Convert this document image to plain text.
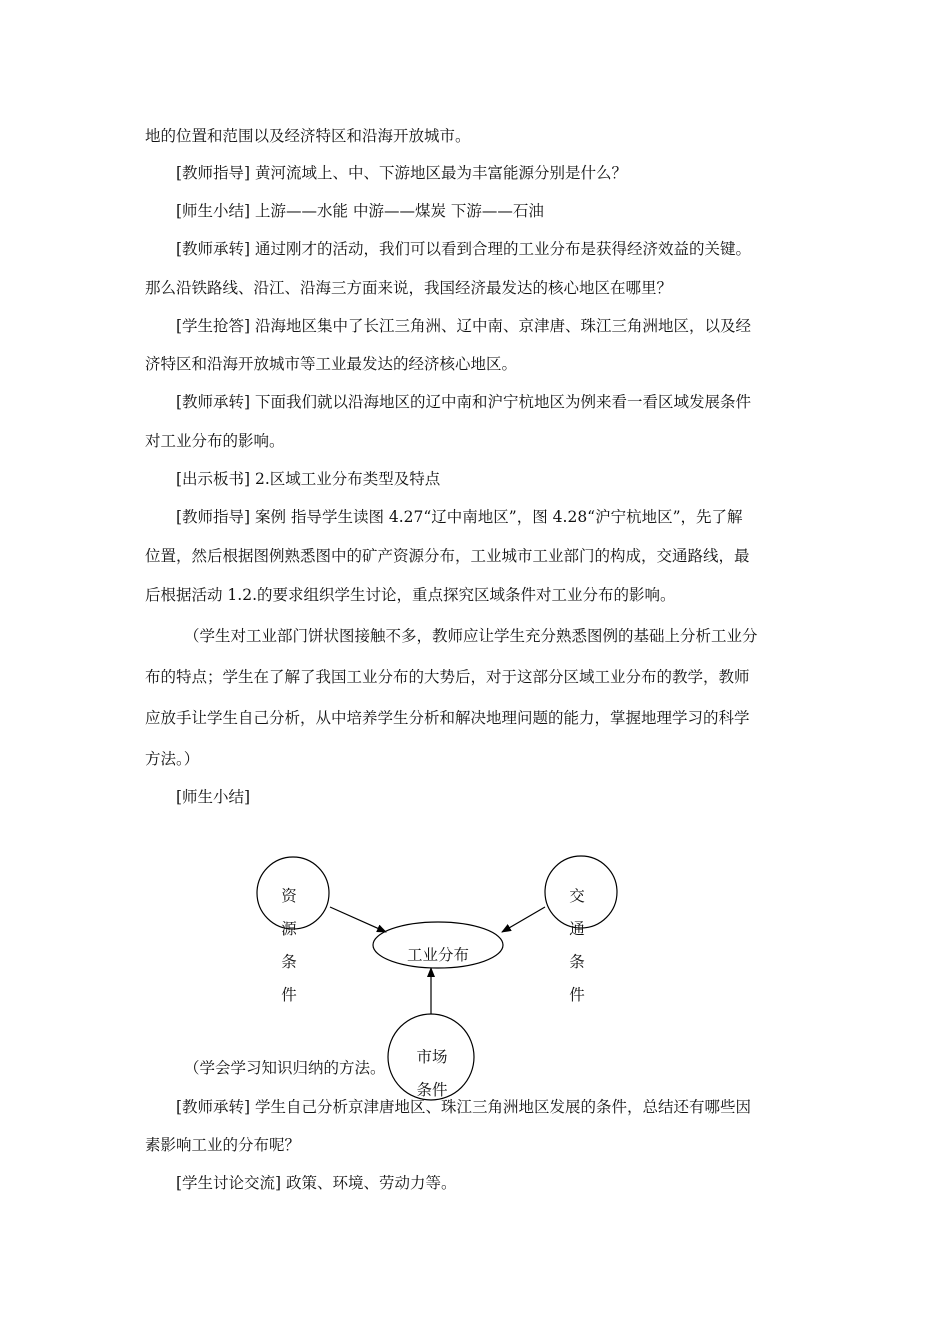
地的位置和范围以及经济特区和沿海开放城市。
[教师指导] 黄河流域上、中、下游地区最为丰富能源分别是什么？
[师生小结] 上游——水能 中游——煤炭 下游——石油
[教师承转] 通过刚才的活动，我们可以看到合理的工业分布是获得经济效益的关键。
那么沿铁路线、沿江、沿海三方面来说，我国经济最发达的核心地区在哪里？
[学生抢答] 沿海地区集中了长江三角洲、辽中南、京津唐、珠江三角洲地区，以及经
济特区和沿海开放城市等工业最发达的经济核心地区。
[教师承转] 下面我们就以沿海地区的辽中南和沪宁杭地区为例来看一看区域发展条件
对工业分布的影响。
[出示板书] 2.区域工业分布类型及特点
[教师指导] 案例 指导学生读图 4.27“辽中南地区”，图 4.28“沪宁杭地区”，先了解
位置，然后根据图例熟悉图中的矿产资源分布，工业城市工业部门的构成，交通路线，最
后根据活动 1.2.的要求组织学生讨论，重点探究区域条件对工业分布的影响。
（学生对工业部门饼状图接触不多，教师应让学生充分熟悉图例的基础上分析工业分
布的特点；学生在了解了我国工业分布的大势后，对于这部分区域工业分布的教学，教师
应放手让学生自己分析，从中培养学生分析和解决地理问题的能力，掌握地理学习的科学
方法。）
[师生小结]
资
源
条
件
交
通
条
件
工业分布
市场
条件
（学会学习知识归纳的方法。
[教师承转] 学生自己分析京津唐地区、珠江三角洲地区发展的条件，总结还有哪些因
素影响工业的分布呢？
[学生讨论交流] 政策、环境、劳动力等。
